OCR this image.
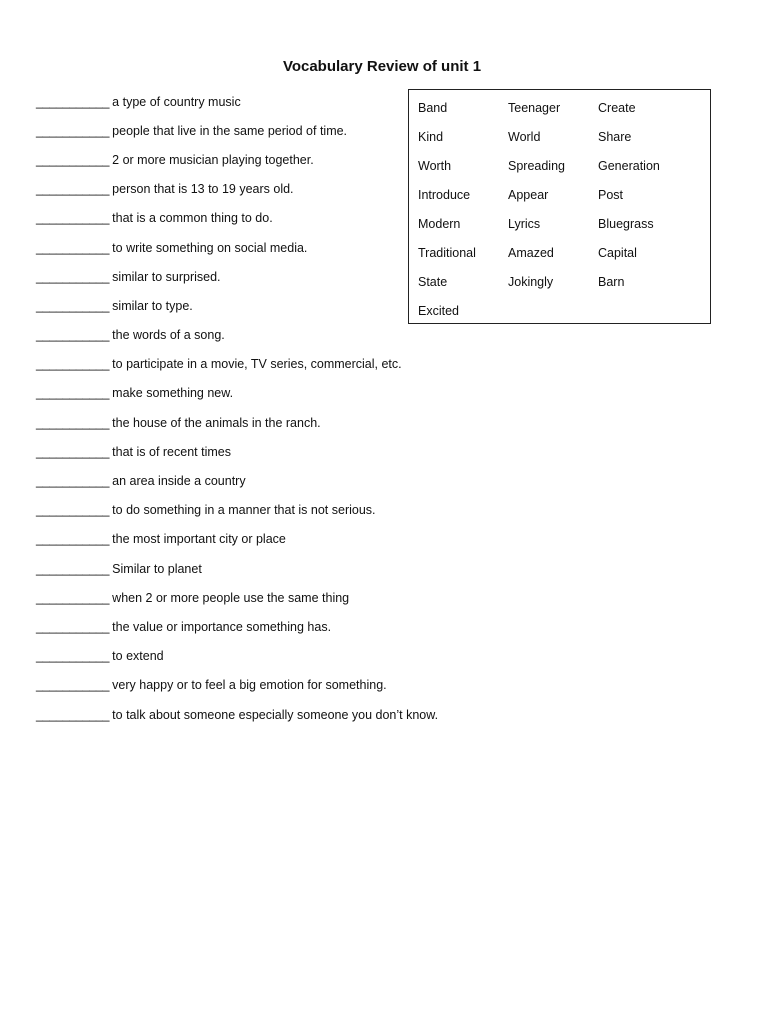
Vocabulary Review of unit 1
___________ a type of country music
___________ people that live in the same period of time.
___________ 2 or more musician playing together.
___________ person that is 13 to 19 years old.
___________ that is a common thing to do.
___________ to write something on social media.
___________ similar to surprised.
___________ similar to type.
___________ the words of a song.
___________ to participate in a movie, TV series, commercial, etc.
___________ make something new.
___________ the house of the animals in the ranch.
___________ that is of recent times
___________ an area inside a country
___________ to do something in a manner that is not serious.
___________ the most important city or place
___________ Similar to planet
___________ when 2 or more people use the same thing
___________ the value or importance something has.
___________ to extend
___________ very happy or to feel a big emotion for something.
___________ to talk about someone especially someone you don’t know.
Band	Teenager	Create
Kind	World	Share
Worth	Spreading	Generation
Introduce	Appear	Post
Modern	Lyrics	Bluegrass
Traditional	Amazed	Capital
State	Jokingly	Barn
Excited
